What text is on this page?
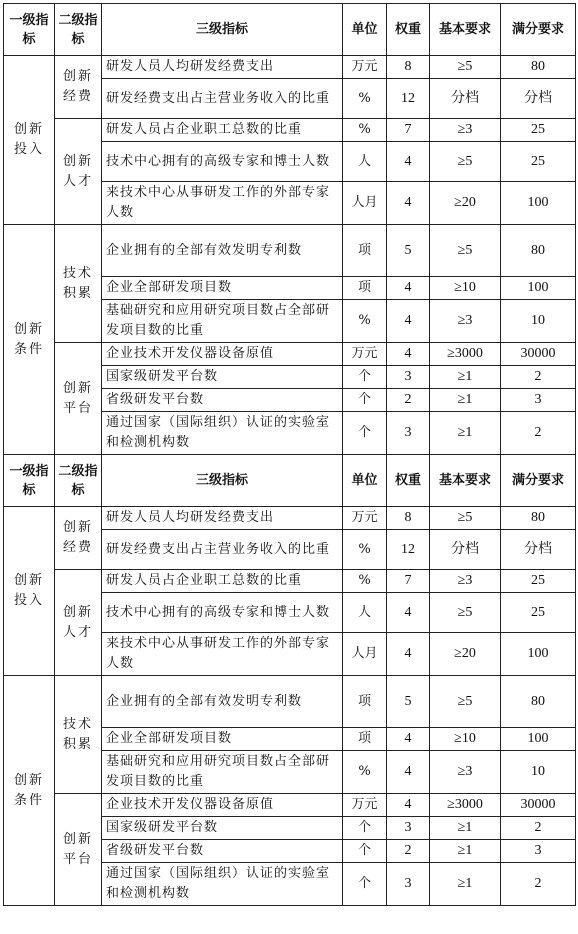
一级指标	二级指标	三级指标	单位	权重	基本要求	满分要求
创新投入	创新经费	研发人员人均研发经费支出	万元	8	≥5	80
		研发经费支出占主营业务收入的比重	%	12	分档	分档
	创新人才	研发人员占企业职工总数的比重	%	7	≥3	25
		技术中心拥有的高级专家和博士人数	人	4	≥5	25
		来技术中心从事研发工作的外部专家人数	人月	4	≥20	100
创新条件	技术积累	企业拥有的全部有效发明专利数	项	5	≥5	80
		企业全部研发项目数	项	4	≥10	100
		基础研究和应用研究项目数占全部研发项目数的比重	%	4	≥3	10
	创新平台	企业技术开发仪器设备原值	万元	4	≥3000	30000
		国家级研发平台数	个	3	≥1	2
		省级研发平台数	个	2	≥1	3
		通过国家（国际组织）认证的实验室和检测机构数	个	3	≥1	2
一级指标	二级指标	三级指标	单位	权重	基本要求	满分要求
创新投入	创新经费	研发人员人均研发经费支出	万元	8	≥5	80
		研发经费支出占主营业务收入的比重	%	12	分档	分档
	创新人才	研发人员占企业职工总数的比重	%	7	≥3	25
		技术中心拥有的高级专家和博士人数	人	4	≥5	25
		来技术中心从事研发工作的外部专家人数	人月	4	≥20	100
创新条件	技术积累	企业拥有的全部有效发明专利数	项	5	≥5	80
		企业全部研发项目数	项	4	≥10	100
		基础研究和应用研究项目数占全部研发项目数的比重	%	4	≥3	10
	创新平台	企业技术开发仪器设备原值	万元	4	≥3000	30000
		国家级研发平台数	个	3	≥1	2
		省级研发平台数	个	2	≥1	3
		通过国家（国际组织）认证的实验室和检测机构数	个	3	≥1	2
